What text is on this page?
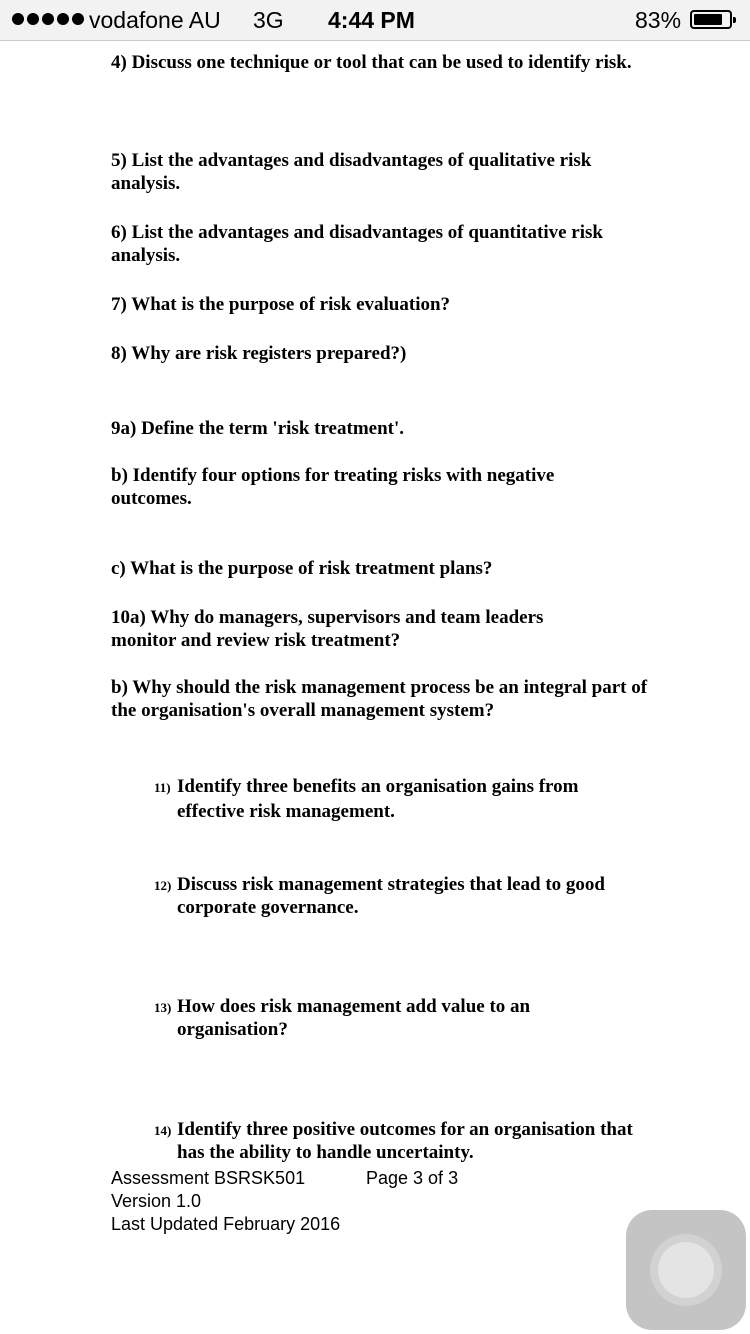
vodafone AU 3G 4:44 PM	83%

4) Discuss one technique or tool that can be used to identify risk.

5) List the advantages and disadvantages of qualitative risk analysis.

6) List the advantages and disadvantages of quantitative risk analysis.

7) What is the purpose of risk evaluation?

8) Why are risk registers prepared?)

9a) Define the term 'risk treatment'.

b) Identify four options for treating risks with negative outcomes.

c) What is the purpose of risk treatment plans?

10a) Why do managers, supervisors and team leaders monitor and review risk treatment?

b) Why should the risk management process be an integral part of the organisation's overall management system?

11) Identify three benefits an organisation gains from effective risk management.

12) Discuss risk management strategies that lead to good corporate governance.

13) How does risk management add value to an organisation?

14) Identify three positive outcomes for an organisation that has the ability to handle uncertainty.

Assessment BSRSK501	Page 3 of 3

Version 1.0

Last Updated February 2016
